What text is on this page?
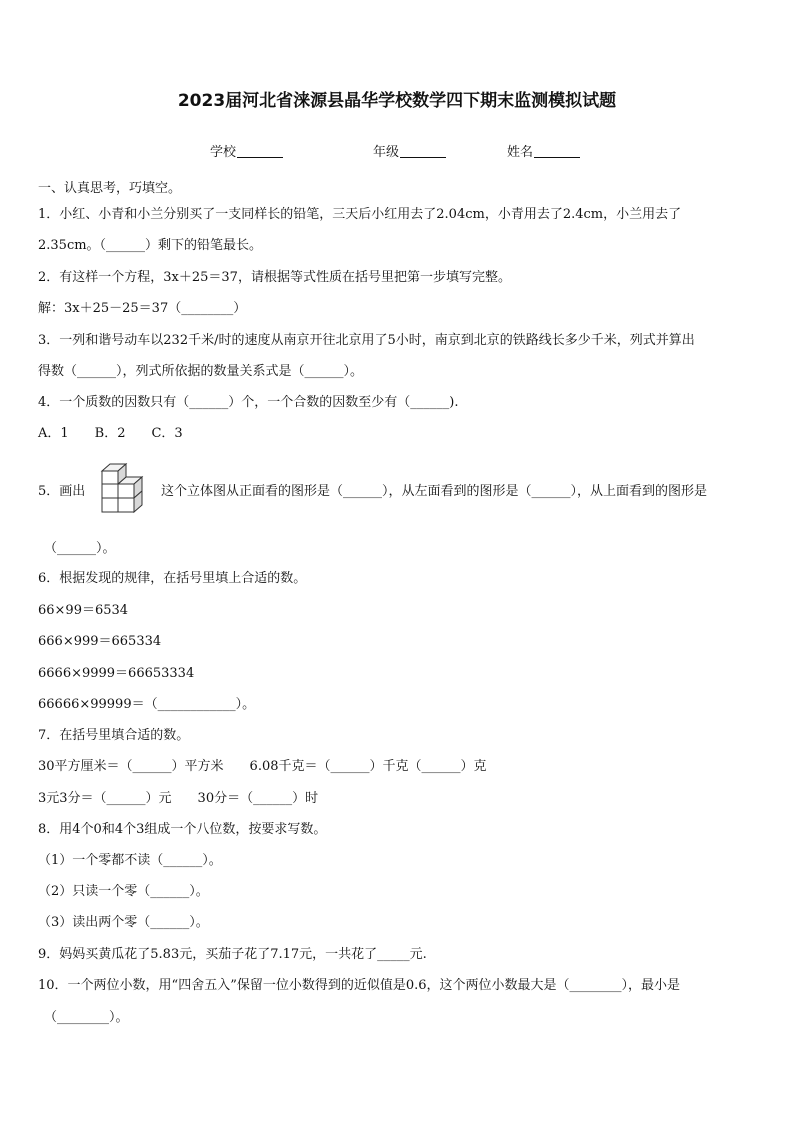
2023届河北省涞源县晶华学校数学四下期末监测模拟试题
学校	年级	姓名
一、认真思考，巧填空。
1．小红、小青和小兰分别买了一支同样长的铅笔，三天后小红用去了2.04cm，小青用去了2.4cm，小兰用去了
2.35cm。（______）剩下的铅笔最长。
2．有这样一个方程，3x＋25＝37，请根据等式性质在括号里把第一步填写完整。
解：3x＋25－25＝37（________）
3．一列和谐号动车以232千米/时的速度从南京开往北京用了5小时，南京到北京的铁路线长多少千米，列式并算出
得数（______），列式所依据的数量关系式是（______）。
4．一个质数的因数只有（______）个，一个合数的因数至少有（______).
A．1　　B．2　　C．3
5．画出	这个立体图从正面看的图形是（______），从左面看到的图形是（______），从上面看到的图形是
（______）。
6．根据发现的规律，在括号里填上合适的数。
66×99＝6534
666×999＝665334
6666×9999＝66653334
66666×99999＝（____________）。
7．在括号里填合适的数。
30平方厘米＝（______）平方米　　6.08千克＝（______）千克（______）克
3元3分＝（______）元　　30分＝（______）时
8．用4个0和4个3组成一个八位数，按要求写数。
（1）一个零都不读（______）。
（2）只读一个零（______）。
（3）读出两个零（______）。
9．妈妈买黄瓜花了5.83元，买茄子花了7.17元，一共花了_____元.
10．一个两位小数，用“四舍五入”保留一位小数得到的近似值是0.6，这个两位小数最大是（________），最小是
（________）。
